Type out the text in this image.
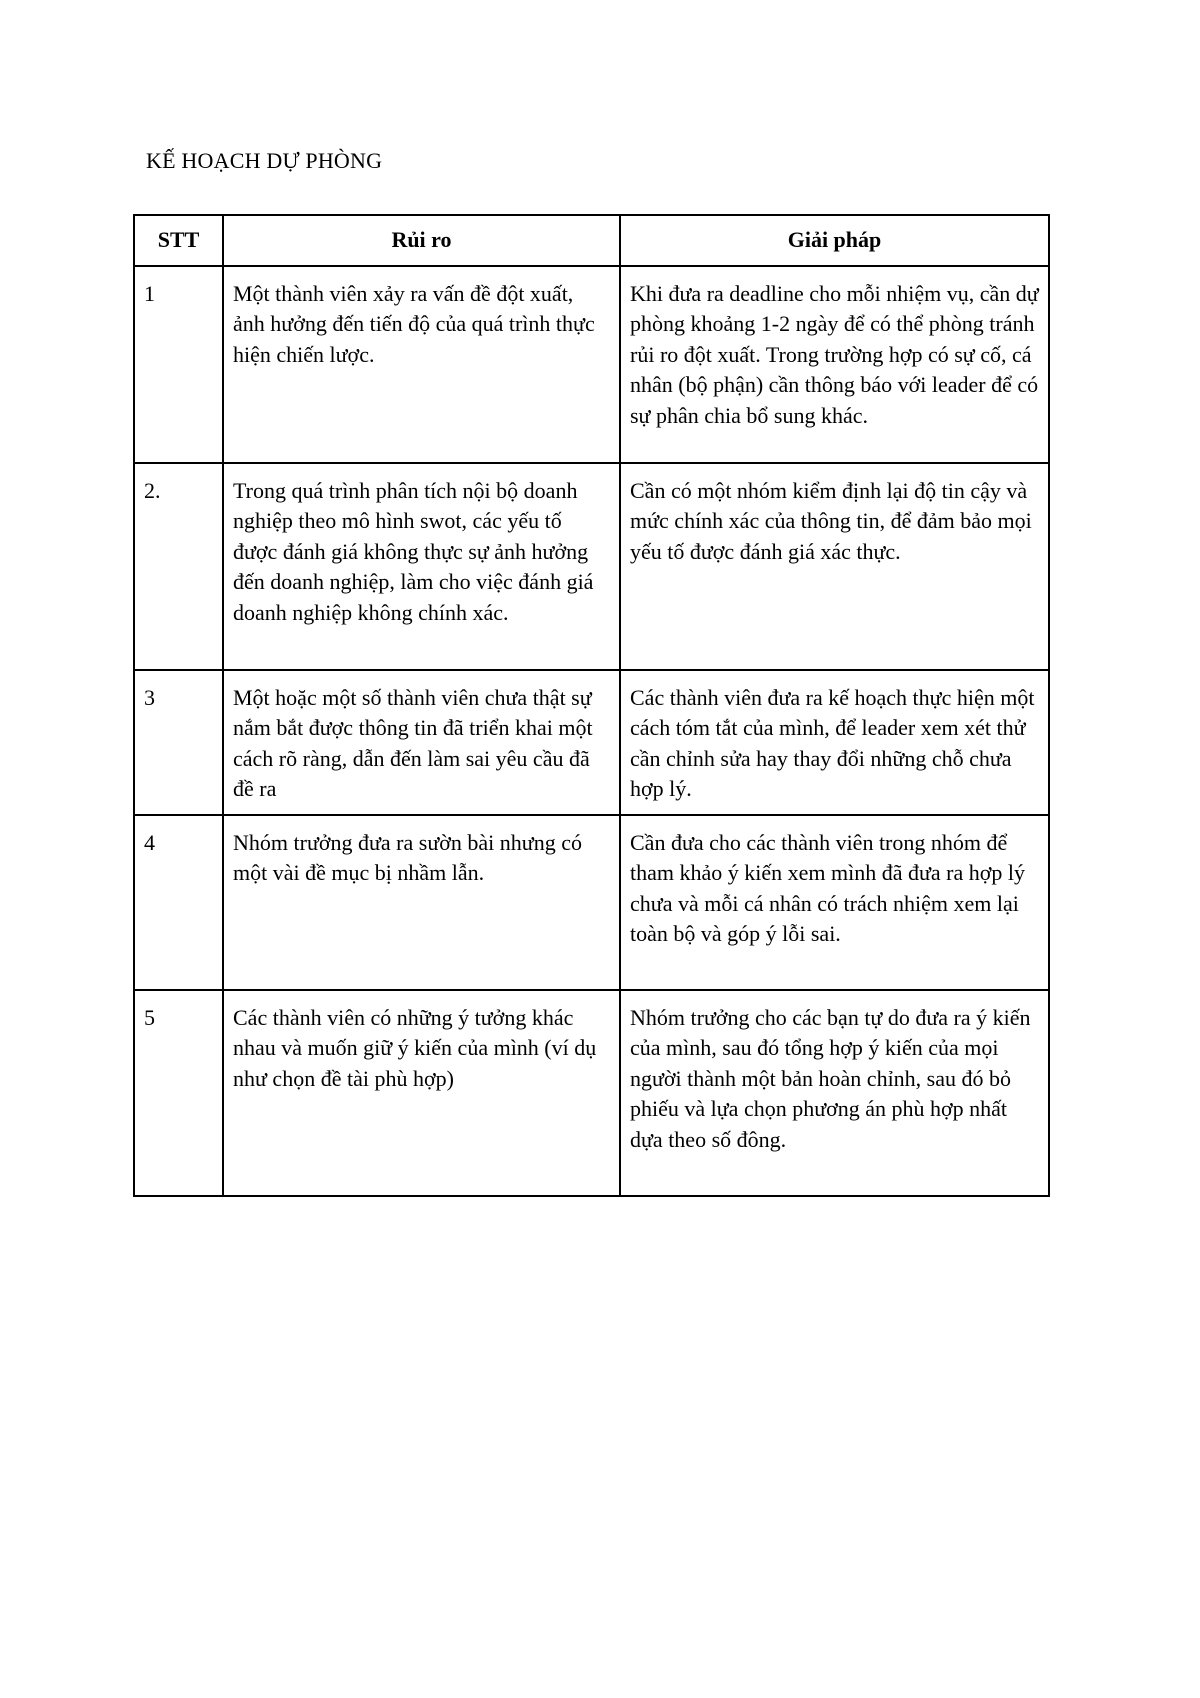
KẾ HOẠCH DỰ PHÒNG
STT	Rủi ro	Giải pháp
1	Một thành viên xảy ra vấn đề đột xuất, ảnh hưởng đến tiến độ của quá trình thực hiện chiến lược.	Khi đưa ra deadline cho mỗi nhiệm vụ, cần dự phòng khoảng 1-2 ngày để có thể phòng tránh rủi ro đột xuất. Trong trường hợp có sự cố, cá nhân (bộ phận) cần thông báo với leader để có sự phân chia bổ sung khác.
2.	Trong quá trình phân tích nội bộ doanh nghiệp theo mô hình swot, các yếu tố được đánh giá không thực sự ảnh hưởng đến doanh nghiệp, làm cho việc đánh giá doanh nghiệp không chính xác.	Cần có một nhóm kiểm định lại độ tin cậy và mức chính xác của thông tin, để đảm bảo mọi yếu tố được đánh giá xác thực.
3	Một hoặc một số thành viên chưa thật sự nắm bắt được thông tin đã triển khai một cách rõ ràng, dẫn đến làm sai yêu cầu đã đề ra	Các thành viên đưa ra kế hoạch thực hiện một cách tóm tắt của mình, để leader xem xét thử cần chỉnh sửa hay thay đổi những chỗ chưa hợp lý.
4	Nhóm trưởng đưa ra sườn bài nhưng có một vài đề mục bị nhầm lẫn.	Cần đưa cho các thành viên trong nhóm để tham khảo ý kiến xem mình đã đưa ra hợp lý chưa và mỗi cá nhân có trách nhiệm xem lại toàn bộ và góp ý lỗi sai.
5	Các thành viên có những ý tưởng khác nhau và muốn giữ ý kiến của mình (ví dụ như chọn đề tài phù hợp)	Nhóm trưởng cho các bạn tự do đưa ra ý kiến của mình, sau đó tổng hợp ý kiến của mọi người thành một bản hoàn chỉnh, sau đó bỏ phiếu và lựa chọn phương án phù hợp nhất dựa theo số đông.
